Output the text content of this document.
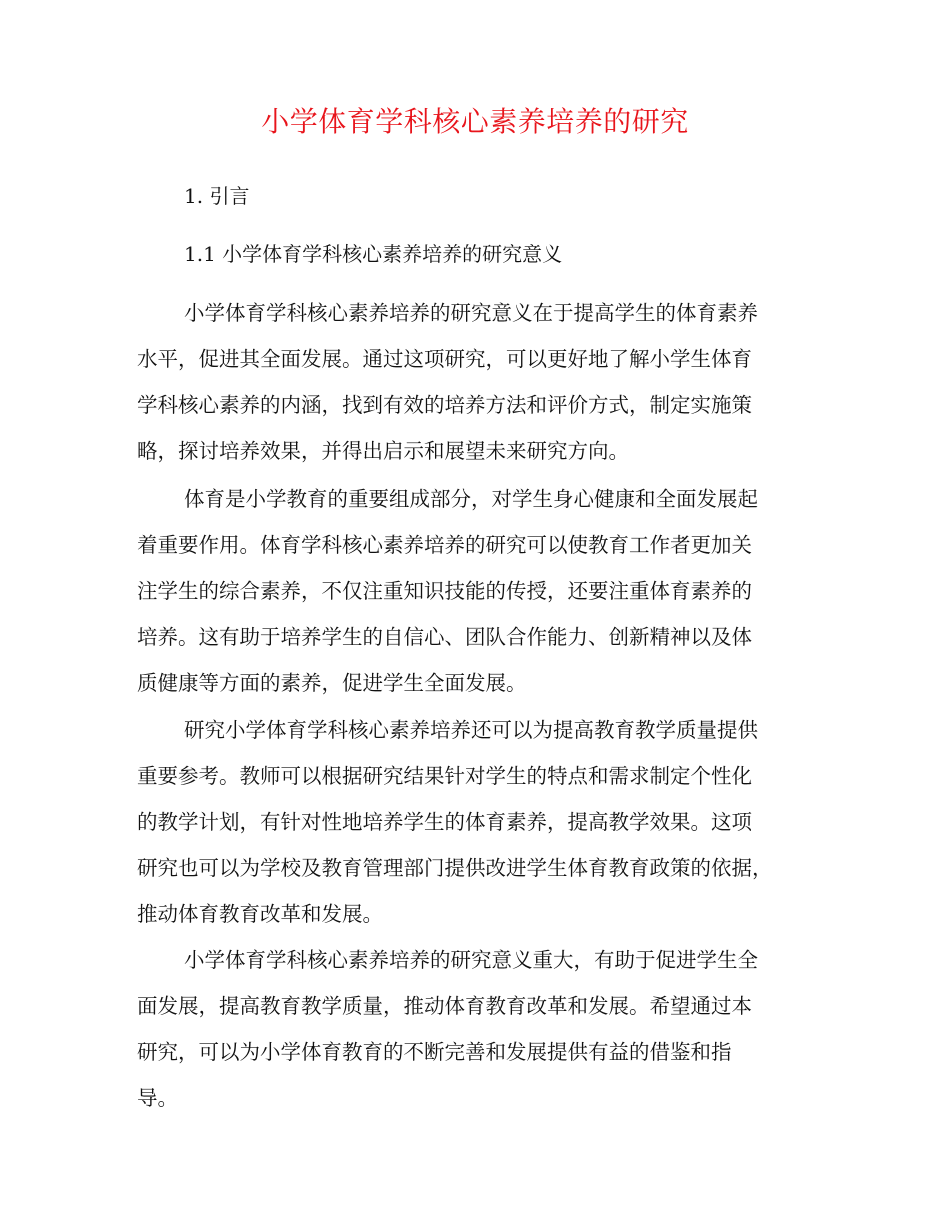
小学体育学科核心素养培养的研究
1. 引言
1.1 小学体育学科核心素养培养的研究意义
小学体育学科核心素养培养的研究意义在于提高学生的体育素养
水平，促进其全面发展。通过这项研究，可以更好地了解小学生体育
学科核心素养的内涵，找到有效的培养方法和评价方式，制定实施策
略，探讨培养效果，并得出启示和展望未来研究方向。
体育是小学教育的重要组成部分，对学生身心健康和全面发展起
着重要作用。体育学科核心素养培养的研究可以使教育工作者更加关
注学生的综合素养，不仅注重知识技能的传授，还要注重体育素养的
培养。这有助于培养学生的自信心、团队合作能力、创新精神以及体
质健康等方面的素养，促进学生全面发展。
研究小学体育学科核心素养培养还可以为提高教育教学质量提供
重要参考。教师可以根据研究结果针对学生的特点和需求制定个性化
的教学计划，有针对性地培养学生的体育素养，提高教学效果。这项
研究也可以为学校及教育管理部门提供改进学生体育教育政策的依据，
推动体育教育改革和发展。
小学体育学科核心素养培养的研究意义重大，有助于促进学生全
面发展，提高教育教学质量，推动体育教育改革和发展。希望通过本
研究，可以为小学体育教育的不断完善和发展提供有益的借鉴和指
导。
